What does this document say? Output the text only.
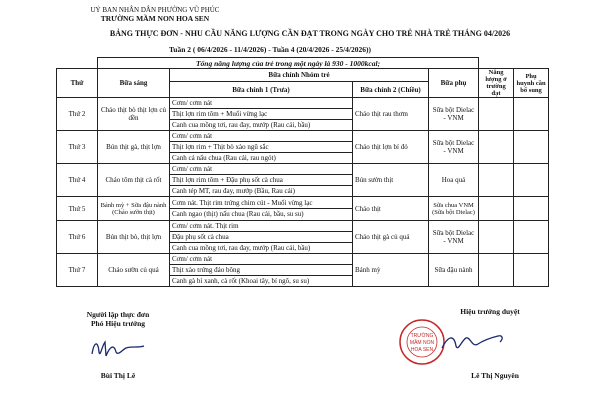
UỶ BAN NHÂN DÂN PHƯỜNG VŨ PHÚC
TRƯỜNG MẦM NON HOA SEN
BẢNG THỰC ĐƠN - NHU CẦU NĂNG LƯỢNG CẦN ĐẠT TRONG NGÀY CHO TRẺ NHÀ TRẺ THÁNG 04/2026
Tuần 2 ( 06/4/2026 - 11/4/2026) - Tuần 4 (20/4/2026 - 25/4/2026))
	Tổng năng lượng của trẻ trong một ngày là 930 - 1000kcal;					
Thứ	Bữa sáng	Bữa chính Nhóm trẻ		Bữa phụ	Năng lượng ở trường đạt	Phụ huynh cần bổ sung
		Bữa chính 1 (Trưa)	Bữa chính 2 (Chiều)			
Thứ 2	Cháo thịt bò thịt lợn củ dền	Cơm/ cơm nát
Thịt lợn rim tôm + Muối vừng lạc
Canh cua mồng tơi, rau đay, mướp (Rau cải, bầu)	Cháo thịt rau thơm	Sữa bột Dielac - VNM		
Thứ 3	Bún thịt gà, thịt lợn	Cơm/ cơm nát
Thịt lợn rim + Thịt bò xào ngũ sắc
Canh cá nấu chua (Rau cải, rau ngót)	Cháo thịt lợn bí đỏ	Sữa bột Dielac - VNM		
Thứ 4	Cháo tôm thịt cà rốt	Cơm/ cơm nát
Thịt lợn rim tôm + Đậu phụ sốt cà chua
Canh tép MT, rau đay, mướp (Bầu, Rau cải)	Bún sườn thịt	Hoa quả		
Thứ 5	Bánh mỳ + Sữa đậu nành (Cháo sườn thịt)	Cơm nát. Thịt rim trứng chim cút - Muối vừng lạc
Canh ngao (thịt) nấu chua (Rau cải, bầu, su su)	Cháo thịt	Sữa chua VNM (Sữa bột Dielac)		
Thứ 6	Bún thịt bò, thịt lợn	Cơm/ cơm nát. Thịt rim
Đậu phụ sốt cà chua
Canh cua mồng tơi, rau đay, mướp (Rau cải, bầu)	Cháo thịt gà củ quả	Sữa bột Dielac - VNM		
Thứ 7	Cháo sườn củ quả	Cơm/ cơm nát
Thịt xào trứng đảo bông
Canh gà bí xanh, cà rốt (Khoai tây, bí ngô, su su)	Bánh mỳ	Sữa đậu nành		
Người lập thực đơn
Phó Hiệu trưởng
Bùi Thị Lê
Hiệu trưởng duyệt
TRƯỜNG
MẦM NON
HOA SEN
Lê Thị Nguyên
